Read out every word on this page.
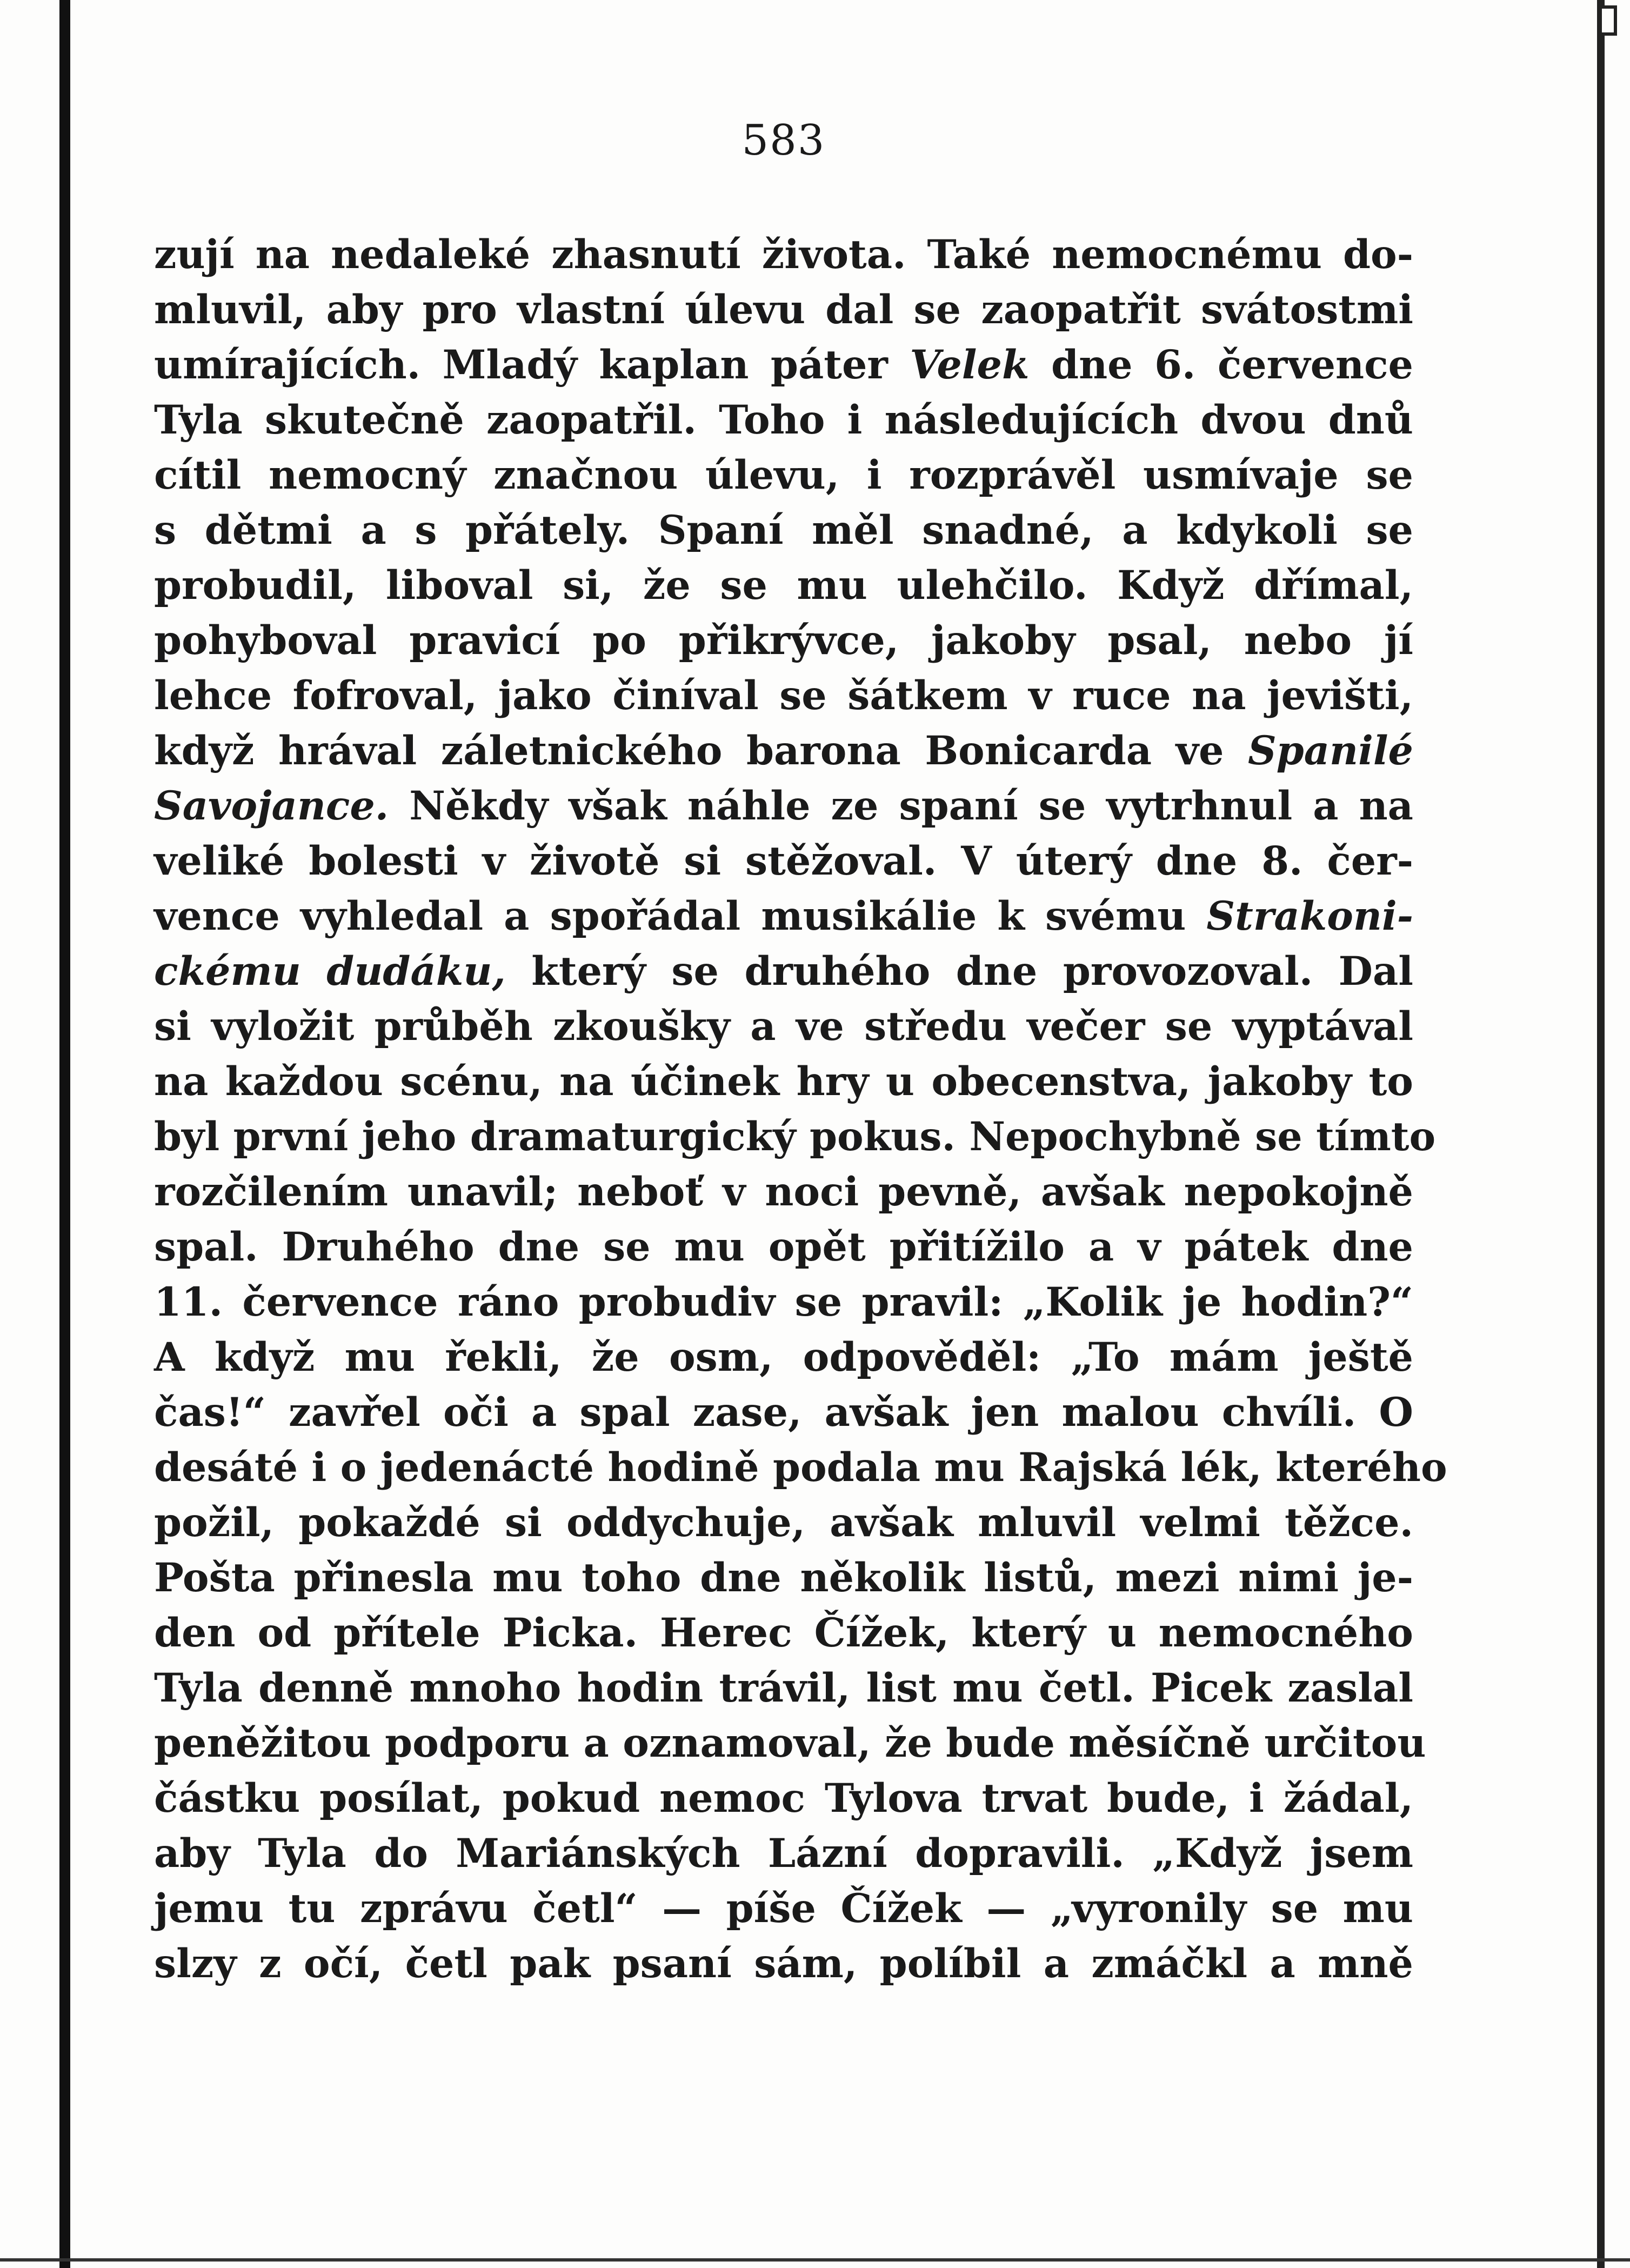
583
zují na nedaleké zhasnutí života. Také nemocnému do-
mluvil, aby pro vlastní úlevu dal se zaopatřit svátostmi
umírajících. Mladý kaplan páter Velek dne 6. července
Tyla skutečně zaopatřil. Toho i následujících dvou dnů
cítil nemocný značnou úlevu, i rozprávěl usmívaje se
s dětmi a s přátely. Spaní měl snadné, a kdykoli se
probudil, liboval si, že se mu ulehčilo. Když dřímal,
pohyboval pravicí po přikrývce, jakoby psal, nebo jí
lehce fofroval, jako činíval se šátkem v ruce na jevišti,
když hrával záletnického barona Bonicarda ve Spanilé
Savojance. Někdy však náhle ze spaní se vytrhnul a na
veliké bolesti v životě si stěžoval. V úterý dne 8. čer-
vence vyhledal a spořádal musikálie k svému Strakoni-
ckému dudáku, který se druhého dne provozoval. Dal
si vyložit průběh zkoušky a ve středu večer se vyptával
na každou scénu, na účinek hry u obecenstva, jakoby to
byl první jeho dramaturgický pokus. Nepochybně se tímto
rozčilením unavil; neboť v noci pevně, avšak nepokojně
spal. Druhého dne se mu opět přitížilo a v pátek dne
11. července ráno probudiv se pravil: „Kolik je hodin?“
A když mu řekli, že osm, odpověděl: „To mám ještě
čas!“ zavřel oči a spal zase, avšak jen malou chvíli. O
desáté i o jedenácté hodině podala mu Rajská lék, kterého
požil, pokaždé si oddychuje, avšak mluvil velmi těžce.
Pošta přinesla mu toho dne několik listů, mezi nimi je-
den od přítele Picka. Herec Čížek, který u nemocného
Tyla denně mnoho hodin trávil, list mu četl. Picek zaslal
peněžitou podporu a oznamoval, že bude měsíčně určitou
částku posílat, pokud nemoc Tylova trvat bude, i žádal,
aby Tyla do Mariánských Lázní dopravili. „Když jsem
jemu tu zprávu četl“ — píše Čížek — „vyronily se mu
slzy z očí, četl pak psaní sám, políbil a zmáčkl a mně
